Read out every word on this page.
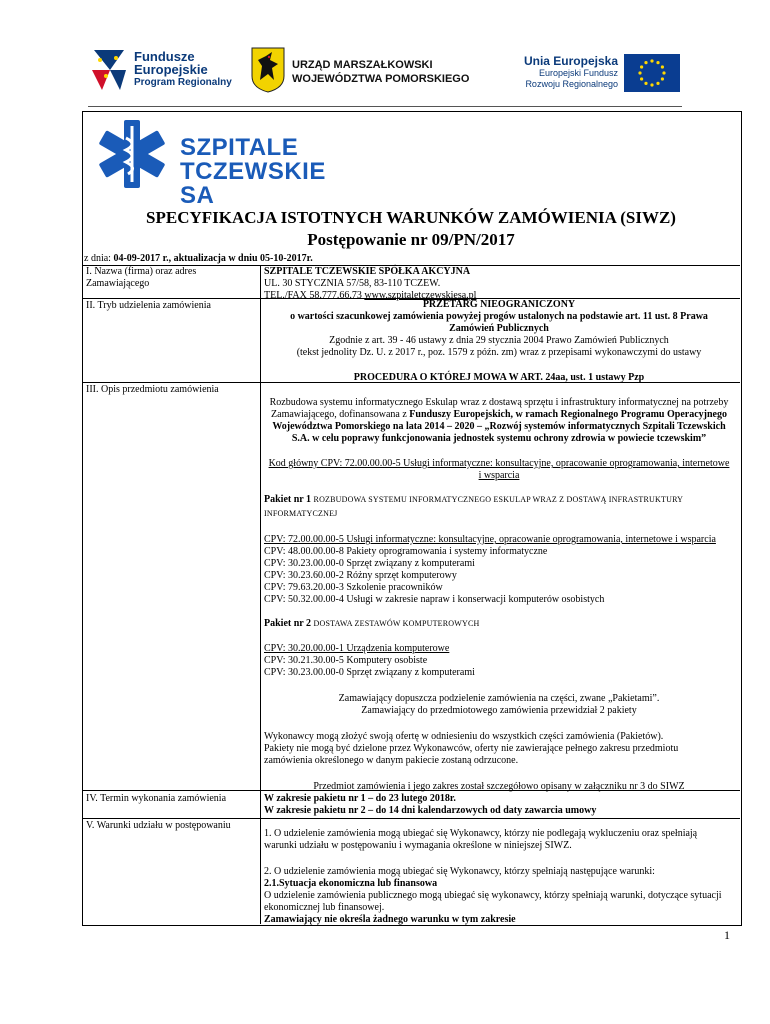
Fundusze
Europejskie
Program Regionalny
URZĄD MARSZAŁKOWSKI
WOJEWÓDZTWA POMORSKIEGO
Unia Europejska
Europejski Fundusz
Rozwoju Regionalnego
SZPITALE
TCZEWSKIE SA
SPECYFIKACJA ISTOTNYCH WARUNKÓW ZAMÓWIENIA (SIWZ)
Postępowanie nr 09/PN/2017
z dnia: 04-09-2017 r., aktualizacja w dniu 05-10-2017r.
I. Nazwa (firma) oraz adres
Zamawiającego
SZPITALE TCZEWSKIE SPÓŁKA AKCYJNA
UL. 30 STYCZNIA 57/58, 83-110 TCZEW.
TEL./FAX 58.777.66.73 www.szpitaletczewskiesa.pl
II. Tryb udzielenia zamówienia	PRZETARG NIEOGRANICZONY
o wartości szacunkowej zamówienia powyżej progów ustalonych na podstawie art. 11 ust. 8 Prawa
Zamówień Publicznych
Zgodnie z art. 39 - 46 ustawy z dnia 29 stycznia 2004 Prawo Zamówień Publicznych
(tekst jednolity Dz. U. z 2017 r., poz. 1579 z późn. zm) wraz z przepisami wykonawczymi do ustawy
PROCEDURA O KTÓREJ MOWA W ART. 24aa, ust. 1 ustawy Pzp
III. Opis przedmiotu zamówienia
Rozbudowa systemu informatycznego Eskulap wraz z dostawą sprzętu i infrastruktury informatycznej na potrzeby
Zamawiającego, dofinansowana z Funduszy Europejskich, w ramach Regionalnego Programu Operacyjnego
Województwa Pomorskiego na lata 2014 – 2020 – „Rozwój systemów informatycznych Szpitali Tczewskich
S.A. w celu poprawy funkcjonowania jednostek systemu ochrony zdrowia w powiecie tczewskim”
Kod główny CPV: 72.00.00.00-5 Usługi informatyczne: konsultacyjne, opracowanie oprogramowania, internetowe
i wsparcia
Pakiet nr 1 ROZBUDOWA SYSTEMU INFORMATYCZNEGO ESKULAP WRAZ Z DOSTAWĄ INFRASTRUKTURY
INFORMATYCZNEJ
CPV: 72.00.00.00-5 Usługi informatyczne: konsultacyjne, opracowanie oprogramowania, internetowe i wsparcia
CPV: 48.00.00.00-8 Pakiety oprogramowania i systemy informatyczne
CPV: 30.23.00.00-0 Sprzęt związany z komputerami
CPV: 30.23.60.00-2 Różny sprzęt komputerowy
CPV: 79.63.20.00-3 Szkolenie pracowników
CPV: 50.32.00.00-4 Usługi w zakresie napraw i konserwacji komputerów osobistych
Pakiet nr 2 DOSTAWA ZESTAWÓW KOMPUTEROWYCH
CPV: 30.20.00.00-1 Urządzenia komputerowe
CPV: 30.21.30.00-5 Komputery osobiste
CPV: 30.23.00.00-0 Sprzęt związany z komputerami
Zamawiający dopuszcza podzielenie zamówienia na części, zwane „Pakietami”.
Zamawiający do przedmiotowego zamówienia przewidział 2 pakiety
Wykonawcy mogą złożyć swoją ofertę w odniesieniu do wszystkich części zamówienia (Pakietów).
Pakiety nie mogą być dzielone przez Wykonawców, oferty nie zawierające pełnego zakresu przedmiotu
zamówienia określonego w danym pakiecie zostaną odrzucone.
Przedmiot zamówienia i jego zakres został szczegółowo opisany w załączniku nr 3 do SIWZ
IV. Termin wykonania zamówienia	W zakresie pakietu nr 1 – do 23 lutego 2018r.
W zakresie pakietu nr 2 – do 14 dni kalendarzowych od daty zawarcia umowy
V. Warunki udziału w postępowaniu
1. O udzielenie zamówienia mogą ubiegać się Wykonawcy, którzy nie podlegają wykluczeniu oraz spełniają
warunki udziału w postępowaniu i wymagania określone w niniejszej SIWZ.
2. O udzielenie zamówienia mogą ubiegać się Wykonawcy, którzy spełniają następujące warunki:
2.1.Sytuacja ekonomiczna lub finansowa
O udzielenie zamówienia publicznego mogą ubiegać się wykonawcy, którzy spełniają warunki, dotyczące sytuacji
ekonomicznej lub finansowej.
Zamawiający nie określa żadnego warunku w tym zakresie
1
